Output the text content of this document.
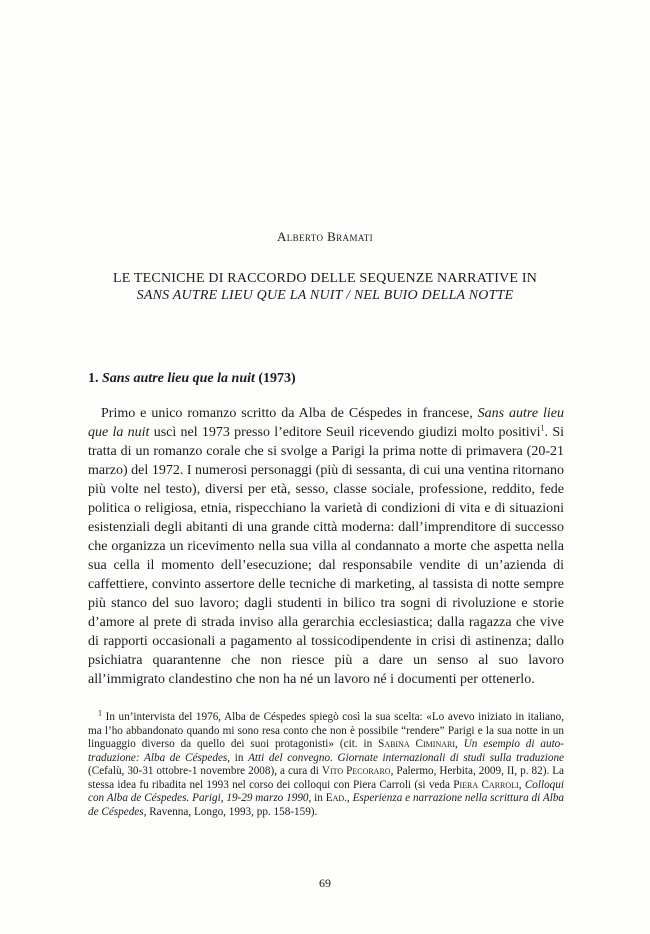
Alberto Bramati
LE TECNICHE DI RACCORDO DELLE SEQUENZE NARRATIVE IN
SANS AUTRE LIEU QUE LA NUIT / NEL BUIO DELLA NOTTE
1. Sans autre lieu que la nuit (1973)

Primo e unico romanzo scritto da Alba de Céspedes in francese, Sans autre lieu que la nuit uscì nel 1973 presso l’editore Seuil ricevendo giudizi molto positivi$^1$. Si tratta di un romanzo corale che si svolge a Parigi la prima notte di primavera (20-21 marzo) del 1972. I numerosi personaggi (più di sessanta, di cui una ventina ritornano più volte nel testo), diversi per età, sesso, classe sociale, professione, reddito, fede politica o religiosa, etnia, rispecchiano la varietà di condizioni di vita e di situazioni esistenziali degli abitanti di una grande città moderna: dall’imprenditore di successo che organizza un ricevimento nella sua villa al condannato a morte che aspetta nella sua cella il momento dell’esecuzione; dal responsabile vendite di un’azienda di caffettiere, convinto assertore delle tecniche di marketing, al tassista di notte sempre più stanco del suo lavoro; dagli studenti in bilico tra sogni di rivoluzione e storie d’amore al prete di strada inviso alla gerarchia ecclesiastica; dalla ragazza che vive di rapporti occasionali a pagamento al tossicodipendente in crisi di astinenza; dallo psichiatra quarantenne che non riesce più a dare un senso al suo lavoro all’immigrato clandestino che non ha né un lavoro né i documenti per ottenerlo.

$^1$ In un’intervista del 1976, Alba de Céspedes spiegò così la sua scelta: «Lo avevo iniziato in italiano, ma l’ho abbandonato quando mi sono resa conto che non è possibile “rendere” Parigi e la sua notte in un linguaggio diverso da quello dei suoi protagonisti» (cit. in Sabina Ciminari, Un esempio di auto-traduzione: Alba de Céspedes, in Atti del convegno. Giornate internazionali di studi sulla traduzione (Cefalù, 30-31 ottobre-1 novembre 2008), a cura di Vito Pecoraro, Palermo, Herbita, 2009, II, p. 82). La stessa idea fu ribadita nel 1993 nel corso dei colloqui con Piera Carroli (si veda Piera Carroli, Colloqui con Alba de Céspedes. Parigi, 19-29 marzo 1990, in Ead., Esperienza e narrazione nella scrittura di Alba de Céspedes, Ravenna, Longo, 1993, pp. 158-159).

69
